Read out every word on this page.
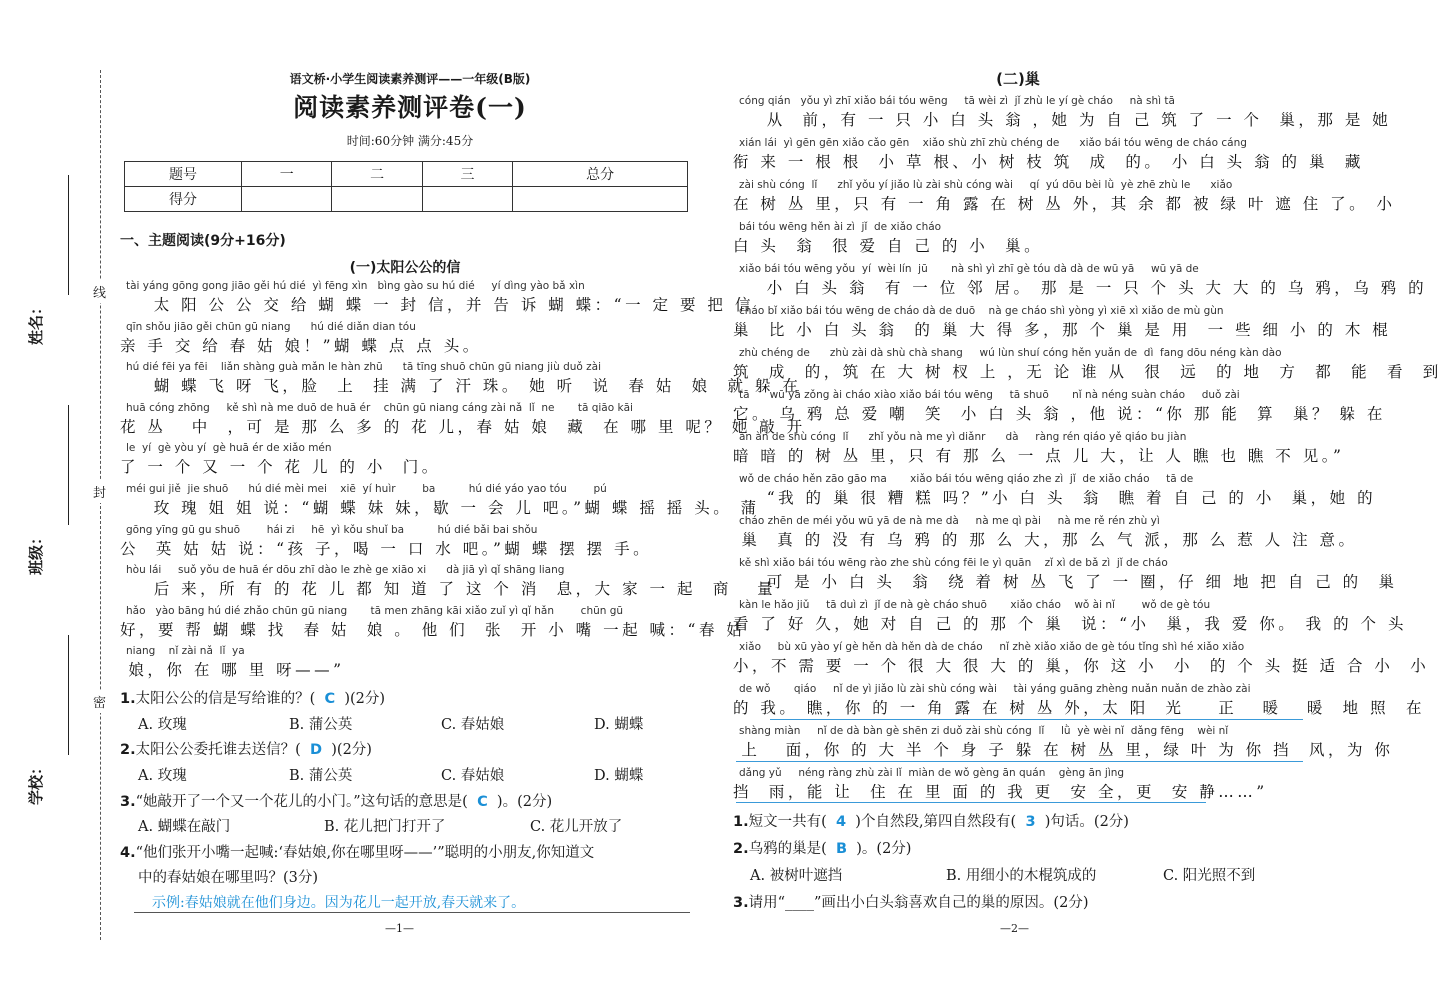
线
封
密
姓名：
班级：
学校：
语文桥·小学生阅读素养测评——一年级(B版)
阅读素养测评卷(一)
时间:60分钟 满分:45分
题号	一	二	三	总分
得分				
一、主题阅读(9分+16分)
(一)太阳公公的信
tài yáng gōng gong jiāo gěi hú dié  yì fēng xìn   bìng gào su hú dié     yí dìng yào bǎ xìn
太 阳 公 公 交 给 蝴 蝶 一 封 信，并 告 诉 蝴 蝶：“一 定 要 把 信
qīn shǒu jiāo gěi chūn gū niang      hú dié diǎn dian tóu
亲 手 交 给 春 姑 娘！”蝴 蝶 点 点 头。
hú dié fēi ya fēi    liǎn shàng guà mǎn le hàn zhū      tā tīng shuō chūn gū niang jiù duǒ zài
蝴 蝶 飞 呀 飞，脸  上  挂 满 了 汗 珠。 她 听  说  春 姑  娘  就 躲 在
huā cóng zhōng     kě shì nà me duō de huā ér    chūn gū niang cáng zài nǎ  lǐ  ne       tā qiāo kāi
花 丛   中  ，可 是 那 么 多 的 花 儿，春 姑 娘  藏  在 哪 里 呢？ 她 敲 开
le  yí  gè yòu yí  gè huā ér de xiǎo mén
了 一 个 又 一 个 花 儿 的 小  门。
méi gui jiě  jie shuō      hú dié mèi mei    xiē  yí huìr        ba          hú dié yáo yao tóu        pú
玫 瑰 姐 姐 说：“蝴 蝶 妹 妹，歇 一 会 儿 吧。”蝴 蝶 摇 摇 头。 蒲
gōng yīng gū gu shuō        hái zi     hē  yì kǒu shuǐ ba          hú dié bǎi bai shǒu
公  英 姑 姑 说：“孩 子，喝 一 口 水 吧。”蝴 蝶 摆 摆 手。
hòu lái     suǒ yǒu de huā ér dōu zhī dào le zhè ge xiāo xi      dà jiā yì qǐ shāng liang
后 来，所 有 的 花 儿 都 知 道 了 这 个 消  息，大 家 一 起  商   量
hǎo   yào bāng hú dié zhǎo chūn gū niang       tā men zhāng kāi xiǎo zuǐ yì qǐ hǎn        chūn gū
好，要 帮 蝴 蝶 找  春 姑  娘 。 他 们  张  开 小 嘴 一起 喊：“春 姑
niang    nǐ zài nǎ  lǐ  ya
娘，你 在 哪 里 呀——”
1.太阳公公的信是写给谁的？(  C  )(2分)
A. 玫瑰	B. 蒲公英	C. 春姑娘	D. 蝴蝶
2.太阳公公委托谁去送信？(  D  )(2分)
A. 玫瑰	B. 蒲公英	C. 春姑娘	D. 蝴蝶
3.“她敲开了一个又一个花儿的小门。”这句话的意思是(  C  )。(2分)
A. 蝴蝶在敲门	B. 花儿把门打开了	C. 花儿开放了
4.“他们张开小嘴一起喊:‘春姑娘,你在哪里呀——’”聪明的小朋友,你知道文
中的春姑娘在哪里吗？(3分)
示例:春姑娘就在他们身边。因为花儿一起开放,春天就来了。
—1—
(二)巢
cóng qián   yǒu yì zhī xiǎo bái tóu wēng     tā wèi zì  jǐ zhù le yí gè cháo     nà shì tā
从  前，有 一 只 小 白 头 翁 ，她 为 自 己 筑 了 一 个  巢，那 是 她
xián lái  yì gēn gēn xiǎo cǎo gēn    xiǎo shù zhī zhù chéng de      xiǎo bái tóu wēng de cháo cáng
衔 来 一 根 根  小 草 根、小 树 枝 筑  成  的。 小 白 头 翁 的 巢  藏
zài shù cóng  lǐ      zhǐ yǒu yí jiǎo lù zài shù cóng wài     qí  yú dōu bèi lǜ  yè zhē zhù le      xiǎo
在 树 丛 里，只 有 一 角 露 在 树 丛 外，其 余 都 被 绿 叶 遮 住 了。 小
bái tóu wēng hěn ài zì  jǐ  de xiǎo cháo
白 头  翁  很 爱 自 己 的 小  巢。
xiǎo bái tóu wēng yǒu  yí  wèi lín  jū       nà shì yì zhī gè tóu dà dà de wū yā     wū yā de
小 白 头 翁  有 一 位 邻 居。 那 是 一 只 个 头 大 大 的 乌 鸦，乌 鸦 的
cháo bǐ xiǎo bái tóu wēng de cháo dà de duō    nà ge cháo shì yòng yì xiē xì xiǎo de mù gùn
巢  比 小 白 头 翁  的 巢 大 得 多，那 个 巢 是 用  一 些 细 小 的 木 棍
zhù chéng de      zhù zài dà shù chà shang     wú lùn shuí cóng hěn yuǎn de  dì  fang dōu néng kàn dào
筑  成  的，筑 在 大 树 杈 上 ，无 论 谁 从  很  远  的 地  方  都  能  看  到
tā      wū yā zǒng ài cháo xiào xiǎo bái tóu wēng     tā shuō       nǐ nà néng suàn cháo     duǒ zài
它。 乌 鸦 总 爱 嘲  笑  小 白 头 翁 ，他 说：“你 那 能  算  巢？ 躲 在
àn àn de shù cóng  lǐ      zhǐ yǒu nà me yì diǎnr      dà     ràng rén qiáo yě qiáo bu jiàn
暗 暗 的 树 丛 里，只 有 那 么 一 点 儿 大，让 人 瞧 也 瞧 不 见。”
wǒ de cháo hěn zāo gāo ma       xiǎo bái tóu wēng qiáo zhe zì  jǐ  de xiǎo cháo     tā de
“我 的 巢 很 糟 糕 吗？”小 白 头  翁  瞧 着 自 己 的 小  巢，她 的
cháo zhēn de méi yǒu wū yā de nà me dà     nà me qì pài     nà me rě rén zhù yì
巢  真 的 没 有 乌 鸦 的 那 么 大，那 么 气 派，那 么 惹 人 注 意。
kě shì xiǎo bái tóu wēng rào zhe shù cóng fēi le yì quān    zǐ xì de bǎ zì  jǐ de cháo
可 是 小 白 头  翁  绕 着 树 丛 飞 了 一 圈，仔 细 地 把 自 己 的  巢
kàn le hǎo jiǔ     tā duì zì  jǐ de nà gè cháo shuō       xiǎo cháo    wǒ ài nǐ        wǒ de gè tóu
看 了 好 久，她 对 自 己 的 那 个 巢  说：“小  巢，我 爱 你。 我 的 个 头
xiǎo     bù xū yào yí gè hěn dà hěn dà de cháo     nǐ zhè xiǎo xiǎo de gè tóu tǐng shì hé xiǎo xiǎo
小，不 需 要 一 个 很 大 很 大 的 巢，你 这 小  小  的 个 头 挺 适 合 小  小
de wǒ       qiáo     nǐ de yì jiǎo lù zài shù cóng wài     tài yáng guāng zhèng nuǎn nuǎn de zhào zài
的 我。 瞧，你 的 一 角 露 在 树 丛 外，太 阳  光    正   暖   暖  地 照  在
shàng miàn     nǐ de dà bàn gè shēn zi duǒ zài shù cóng  lǐ     lǜ  yè wèi nǐ  dǎng fēng    wèi nǐ
上   面，你 的 大 半 个 身 子 躲 在 树 丛 里，绿 叶 为 你 挡  风，为 你
dǎng yǔ     néng ràng zhù zài lǐ  miàn de wǒ gèng ān quán    gèng ān jìng
挡  雨，能 让  住 在 里 面 的 我 更  安 全，更  安 静……”
1.短文一共有(  4  )个自然段,第四自然段有(  3  )句话。(2分)
2.乌鸦的巢是(  B  )。(2分)
A. 被树叶遮挡	B. 用细小的木棍筑成的	C. 阳光照不到
3.请用“____”画出小白头翁喜欢自己的巢的原因。(2分)
—2—
